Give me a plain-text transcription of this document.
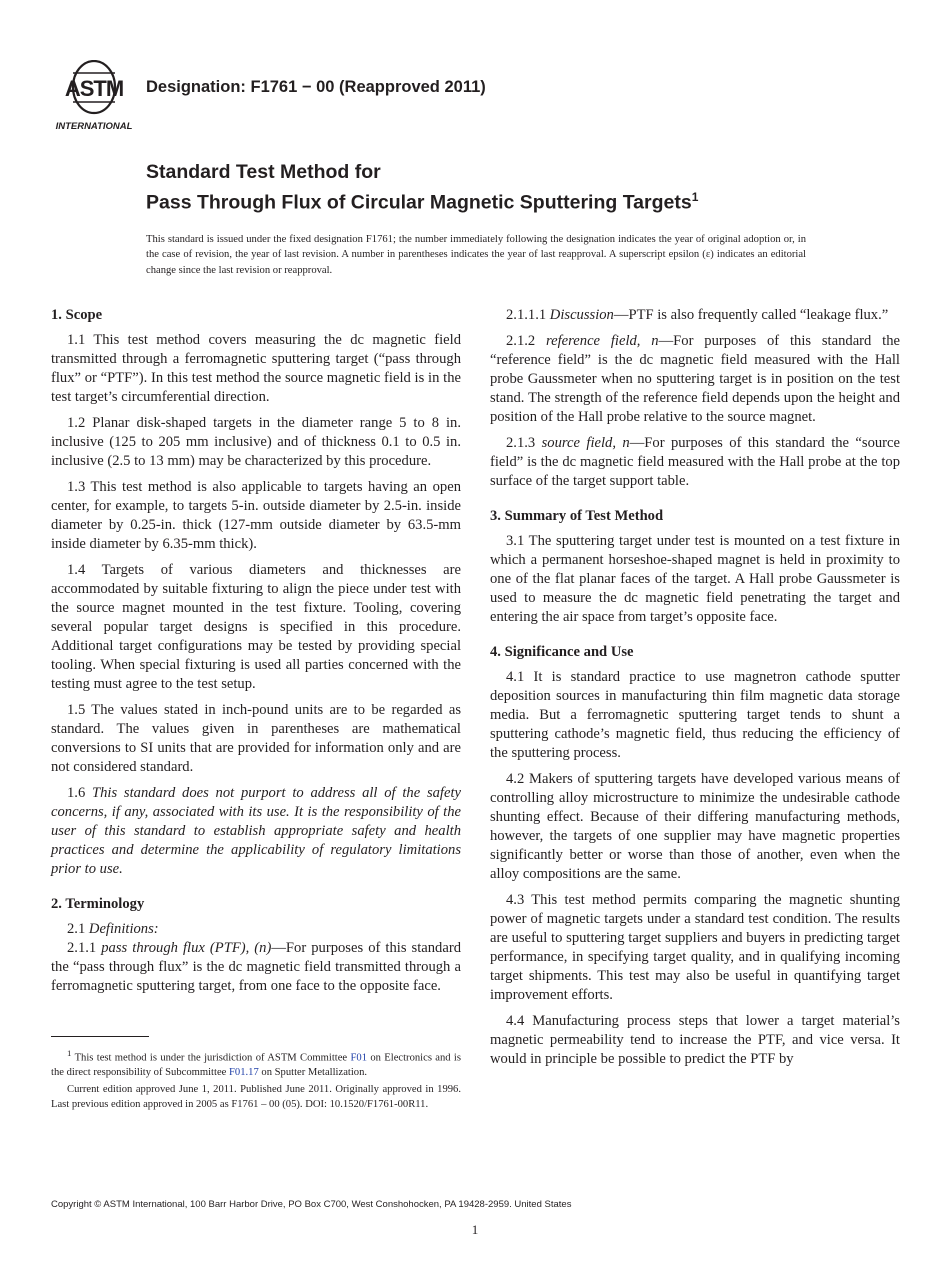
ASTM
INTERNATIONAL
Designation: F1761 − 00 (Reapproved 2011)
Standard Test Method for
Pass Through Flux of Circular Magnetic Sputtering Targets$^1$
This standard is issued under the fixed designation F1761; the number immediately following the designation indicates the year of original adoption or, in the case of revision, the year of last revision. A number in parentheses indicates the year of last reapproval. A superscript epsilon (ε) indicates an editorial change since the last revision or reapproval.
1. Scope

1.1 This test method covers measuring the dc magnetic field transmitted through a ferromagnetic sputtering target (“pass through flux” or “PTF”). In this test method the source magnetic field is in the test target’s circumferential direction.

1.2 Planar disk-shaped targets in the diameter range 5 to 8 in. inclusive (125 to 205 mm inclusive) and of thickness 0.1 to 0.5 in. inclusive (2.5 to 13 mm) may be characterized by this procedure.

1.3 This test method is also applicable to targets having an open center, for example, to targets 5-in. outside diameter by 2.5-in. inside diameter by 0.25-in. thick (127-mm outside diameter by 63.5-mm inside diameter by 6.35-mm thick).

1.4 Targets of various diameters and thicknesses are accommodated by suitable fixturing to align the piece under test with the source magnet mounted in the test fixture. Tooling, covering several popular target designs is specified in this procedure. Additional target configurations may be tested by providing special tooling. When special fixturing is used all parties concerned with the testing must agree to the test setup.

1.5 The values stated in inch-pound units are to be regarded as standard. The values given in parentheses are mathematical conversions to SI units that are provided for information only and are not considered standard.

1.6 This standard does not purport to address all of the safety concerns, if any, associated with its use. It is the responsibility of the user of this standard to establish appropriate safety and health practices and determine the applicability of regulatory limitations prior to use.

2. Terminology

2.1 Definitions:

2.1.1 pass through flux (PTF), (n)—For purposes of this standard the “pass through flux” is the dc magnetic field transmitted through a ferromagnetic sputtering target, from one face to the opposite face.

2.1.1.1 Discussion—PTF is also frequently called “leakage flux.”

2.1.2 reference field, n—For purposes of this standard the “reference field” is the dc magnetic field measured with the Hall probe Gaussmeter when no sputtering target is in position on the test stand. The strength of the reference field depends upon the height and position of the Hall probe relative to the source magnet.

2.1.3 source field, n—For purposes of this standard the “source field” is the dc magnetic field measured with the Hall probe at the top surface of the target support table.

3. Summary of Test Method

3.1 The sputtering target under test is mounted on a test fixture in which a permanent horseshoe-shaped magnet is held in proximity to one of the flat planar faces of the target. A Hall probe Gaussmeter is used to measure the dc magnetic field penetrating the target and entering the air space from target’s opposite face.

4. Significance and Use

4.1 It is standard practice to use magnetron cathode sputter deposition sources in manufacturing thin film magnetic data storage media. But a ferromagnetic sputtering target tends to shunt a sputtering cathode’s magnetic field, thus reducing the efficiency of the sputtering process.

4.2 Makers of sputtering targets have developed various means of controlling alloy microstructure to minimize the undesirable cathode shunting effect. Because of their differing manufacturing methods, however, the targets of one supplier may have magnetic properties significantly better or worse than those of another, even when the alloy compositions are the same.

4.3 This test method permits comparing the magnetic shunting power of magnetic targets under a standard test condition. The results are useful to sputtering target suppliers and buyers in predicting target performance, in specifying target quality, and in qualifying incoming target shipments. This test may also be useful in quantifying target improvement efforts.

4.4 Manufacturing process steps that lower a target material’s magnetic permeability tend to increase the PTF, and vice versa. It would in principle be possible to predict the PTF by

$^1$ This test method is under the jurisdiction of ASTM Committee F01 on Electronics and is the direct responsibility of Subcommittee F01.17 on Sputter Metallization.

Current edition approved June 1, 2011. Published June 2011. Originally approved in 1996. Last previous edition approved in 2005 as F1761 – 00 (05). DOI: 10.1520/F1761-00R11.

Copyright © ASTM International, 100 Barr Harbor Drive, PO Box C700, West Conshohocken, PA 19428-2959. United States
1
